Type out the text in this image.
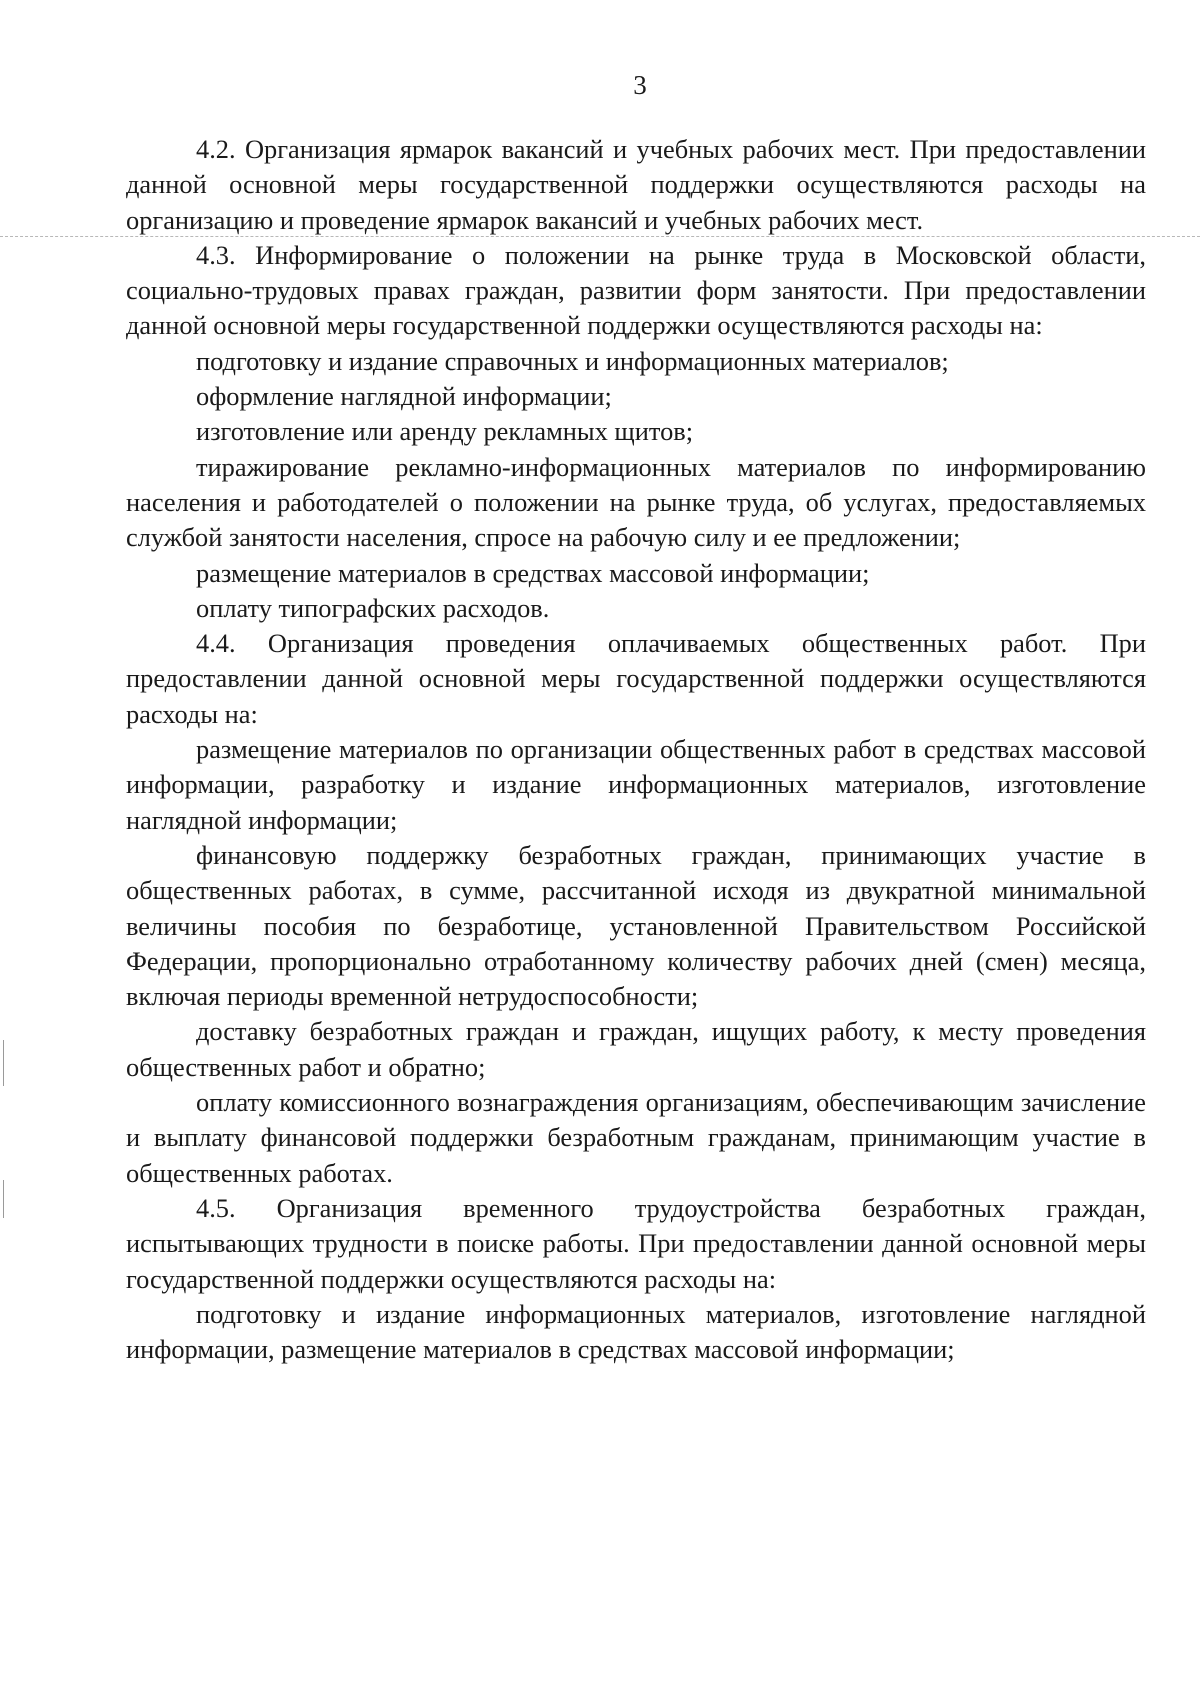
3

4.2. Организация ярмарок вакансий и учебных рабочих мест. При предоставлении данной основной меры государственной поддержки осуществляются расходы на организацию и проведение ярмарок вакансий и учебных рабочих мест.

4.3. Информирование о положении на рынке труда в Московской области, социально-трудовых правах граждан, развитии форм занятости. При предоставлении данной основной меры государственной поддержки осуществляются расходы на:

подготовку и издание справочных и информационных материалов;

оформление наглядной информации;

изготовление или аренду рекламных щитов;

тиражирование рекламно-информационных материалов по информированию населения и работодателей о положении на рынке труда, об услугах, предоставляемых службой занятости населения, спросе на рабочую силу и ее предложении;

размещение материалов в средствах массовой информации;

оплату типографских расходов.

4.4. Организация проведения оплачиваемых общественных работ. При предоставлении данной основной меры государственной поддержки осуществляются расходы на:

размещение материалов по организации общественных работ в средствах массовой информации, разработку и издание информационных материалов, изготовление наглядной информации;

финансовую поддержку безработных граждан, принимающих участие в общественных работах, в сумме, рассчитанной исходя из двукратной минимальной величины пособия по безработице, установленной Правительством Российской Федерации, пропорционально отработанному количеству рабочих дней (смен) месяца, включая периоды временной нетрудоспособности;

доставку безработных граждан и граждан, ищущих работу, к месту проведения общественных работ и обратно;

оплату комиссионного вознаграждения организациям, обеспечивающим зачисление и выплату финансовой поддержки безработным гражданам, принимающим участие в общественных работах.

4.5. Организация временного трудоустройства безработных граждан, испытывающих трудности в поиске работы. При предоставлении данной основной меры государственной поддержки осуществляются расходы на:

подготовку и издание информационных материалов, изготовление наглядной информации, размещение материалов в средствах массовой информации;
